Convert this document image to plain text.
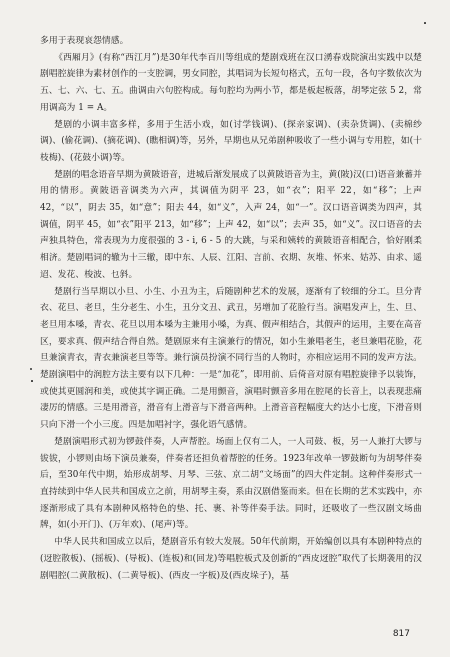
多用于表现哀怨情感。

《西厢月》(有称“西江月”)是30年代李百川等组成的楚剧戏班在汉口湧春戏院演出实践中以楚剧唱腔旋律为素材创作的一支腔调，男女同腔，其唱词为长短句格式，五句一段，各句字数依次为五、七、六、七、五。曲调由六句腔构成。每句腔均为两小节，都是板起板落，胡琴定弦 5 2，常用调高为 1 = A。

楚剧的小调丰富多样，多用于生活小戏，如(讨学钱调)、(探亲家调)、(卖杂货调)、(卖棉纱调)、(偷花调)、(摘花调)、(瞧相调)等，另外，早期也从兄弟剧种吸收了一些小调与专用腔，如(十枝梅)、(花鼓小调)等。

楚剧的唱念语音早期为黄陂语音，进城后渐发展成了以黄陂语音为主，黄(陂)汉(口)语音兼蓄并用的情形。黄陂语音调类为六声，其调值为阴平 23，如“衣”；阳平 22，如“移”；上声 42，“以”，阴去 35，如“意”；阳去 44，如“义”，入声 24，如“一”。汉口语音调类为四声，其调值，阴平 45，如“衣”阳平 213，如“移”；上声 42，如“以”；去声 35，如“义”。汉口语音的去声独具特色，常表现为力度很强的 3 - i, 6 - 5 的大跳，与采和姨转的黄陂语音相配合，恰好刚柔相济。楚剧唱词的辙为十三辙，即中东、人辰、江阳、言前、衣期、灰堆、怀来、姑苏、由求、遥迢、发花、梭波、乜斜。

楚剧行当早期以小旦、小生、小丑为主，后随剧种艺术的发展，逐渐有了较细的分工。旦分青衣、花旦、老旦，生分老生、小生，丑分文丑、武丑，另增加了花脸行当。演唱发声上，生、旦、老旦用本嗓，青衣、花旦以用本嗓为主兼用小嗓，为真、假声相结合，其假声的运用，主要在高音区，要求真、假声结合得自然。楚剧原来有主演兼行的情况，如小生兼唱老生，老旦兼唱花脸，花旦兼演青衣，青衣兼演老旦等等。兼行演员扮演不同行当的人物时，亦相应运用不同的发声方法。楚剧演唱中的润腔方法主要有以下几种：一是“加花”，即用前、后倚音对原有唱腔旋律予以装饰，或使其更圆润和美，或使其字调正确。二是用颤音，演唱时颤音多用在腔尾的长音上，以表现悲痛凄厉的情感。三是用滑音，滑音有上滑音与下滑音两种。上滑音音程幅度大约达小七度，下滑音则只向下滑一个小三度。四是加唱衬字，强化语气感情。

楚剧演唱形式初为锣鼓伴奏，人声帮腔。场面上仅有二人，一人司鼓、板，另一人兼打大锣与钹钹，小锣则由场下演员兼奏，伴奏者还担负着帮腔的任务。1923年改单一锣鼓断句为胡琴伴奏后，至30年代中期，始形成胡琴、月琴、三弦、京二胡“文场面”的四大件定制。这种伴奏形式一直持续到中华人民共和国成立之前，用胡琴主奏，系由汉剧借鉴而来。但在长期的艺术实践中，亦逐渐形成了具有本剧种风格特色的垫、托、裹、补等伴奏手法。同时，还吸收了一些汉剧文场曲牌，如(小开门)、(万年欢)、(尾声)等。

中华人民共和国成立以后，楚剧音乐有较大发展。50年代前期，开始编创以具有本剧种特点的(迓腔散板)、(摇板)、(导板)、(连板)和(回龙)等唱腔板式及创新的“西皮迓腔”取代了长期袭用的汉剧唱腔(二黄散板)、(二黄导板)、(西皮一字板)及(西皮垛子)，基

817
